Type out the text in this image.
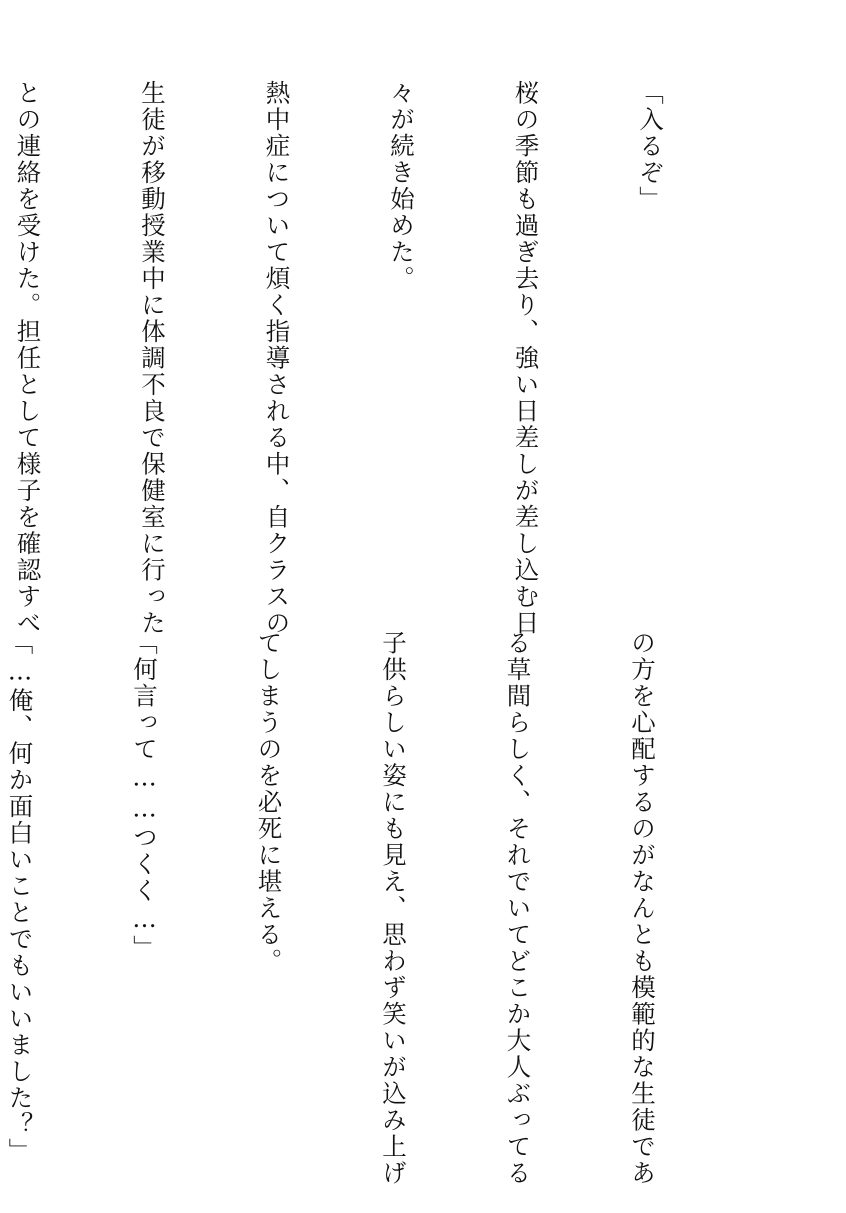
「入るぞ」

桜の季節も過ぎ去り、強い日差しが差し込む日

々が続き始めた。

熱中症について煩く指導される中、自クラスの

生徒が移動授業中に体調不良で保健室に行った

との連絡を受けた。担任として様子を確認すべ

の方を心配するのがなんとも模範的な生徒であ

る草間らしく、それでいてどこか大人ぶってる

子供らしい姿にも見え、思わず笑いが込み上げ

てしまうのを必死に堪える。

「何言って……つくく…」

「…俺、何か面白いことでもいいました？」
